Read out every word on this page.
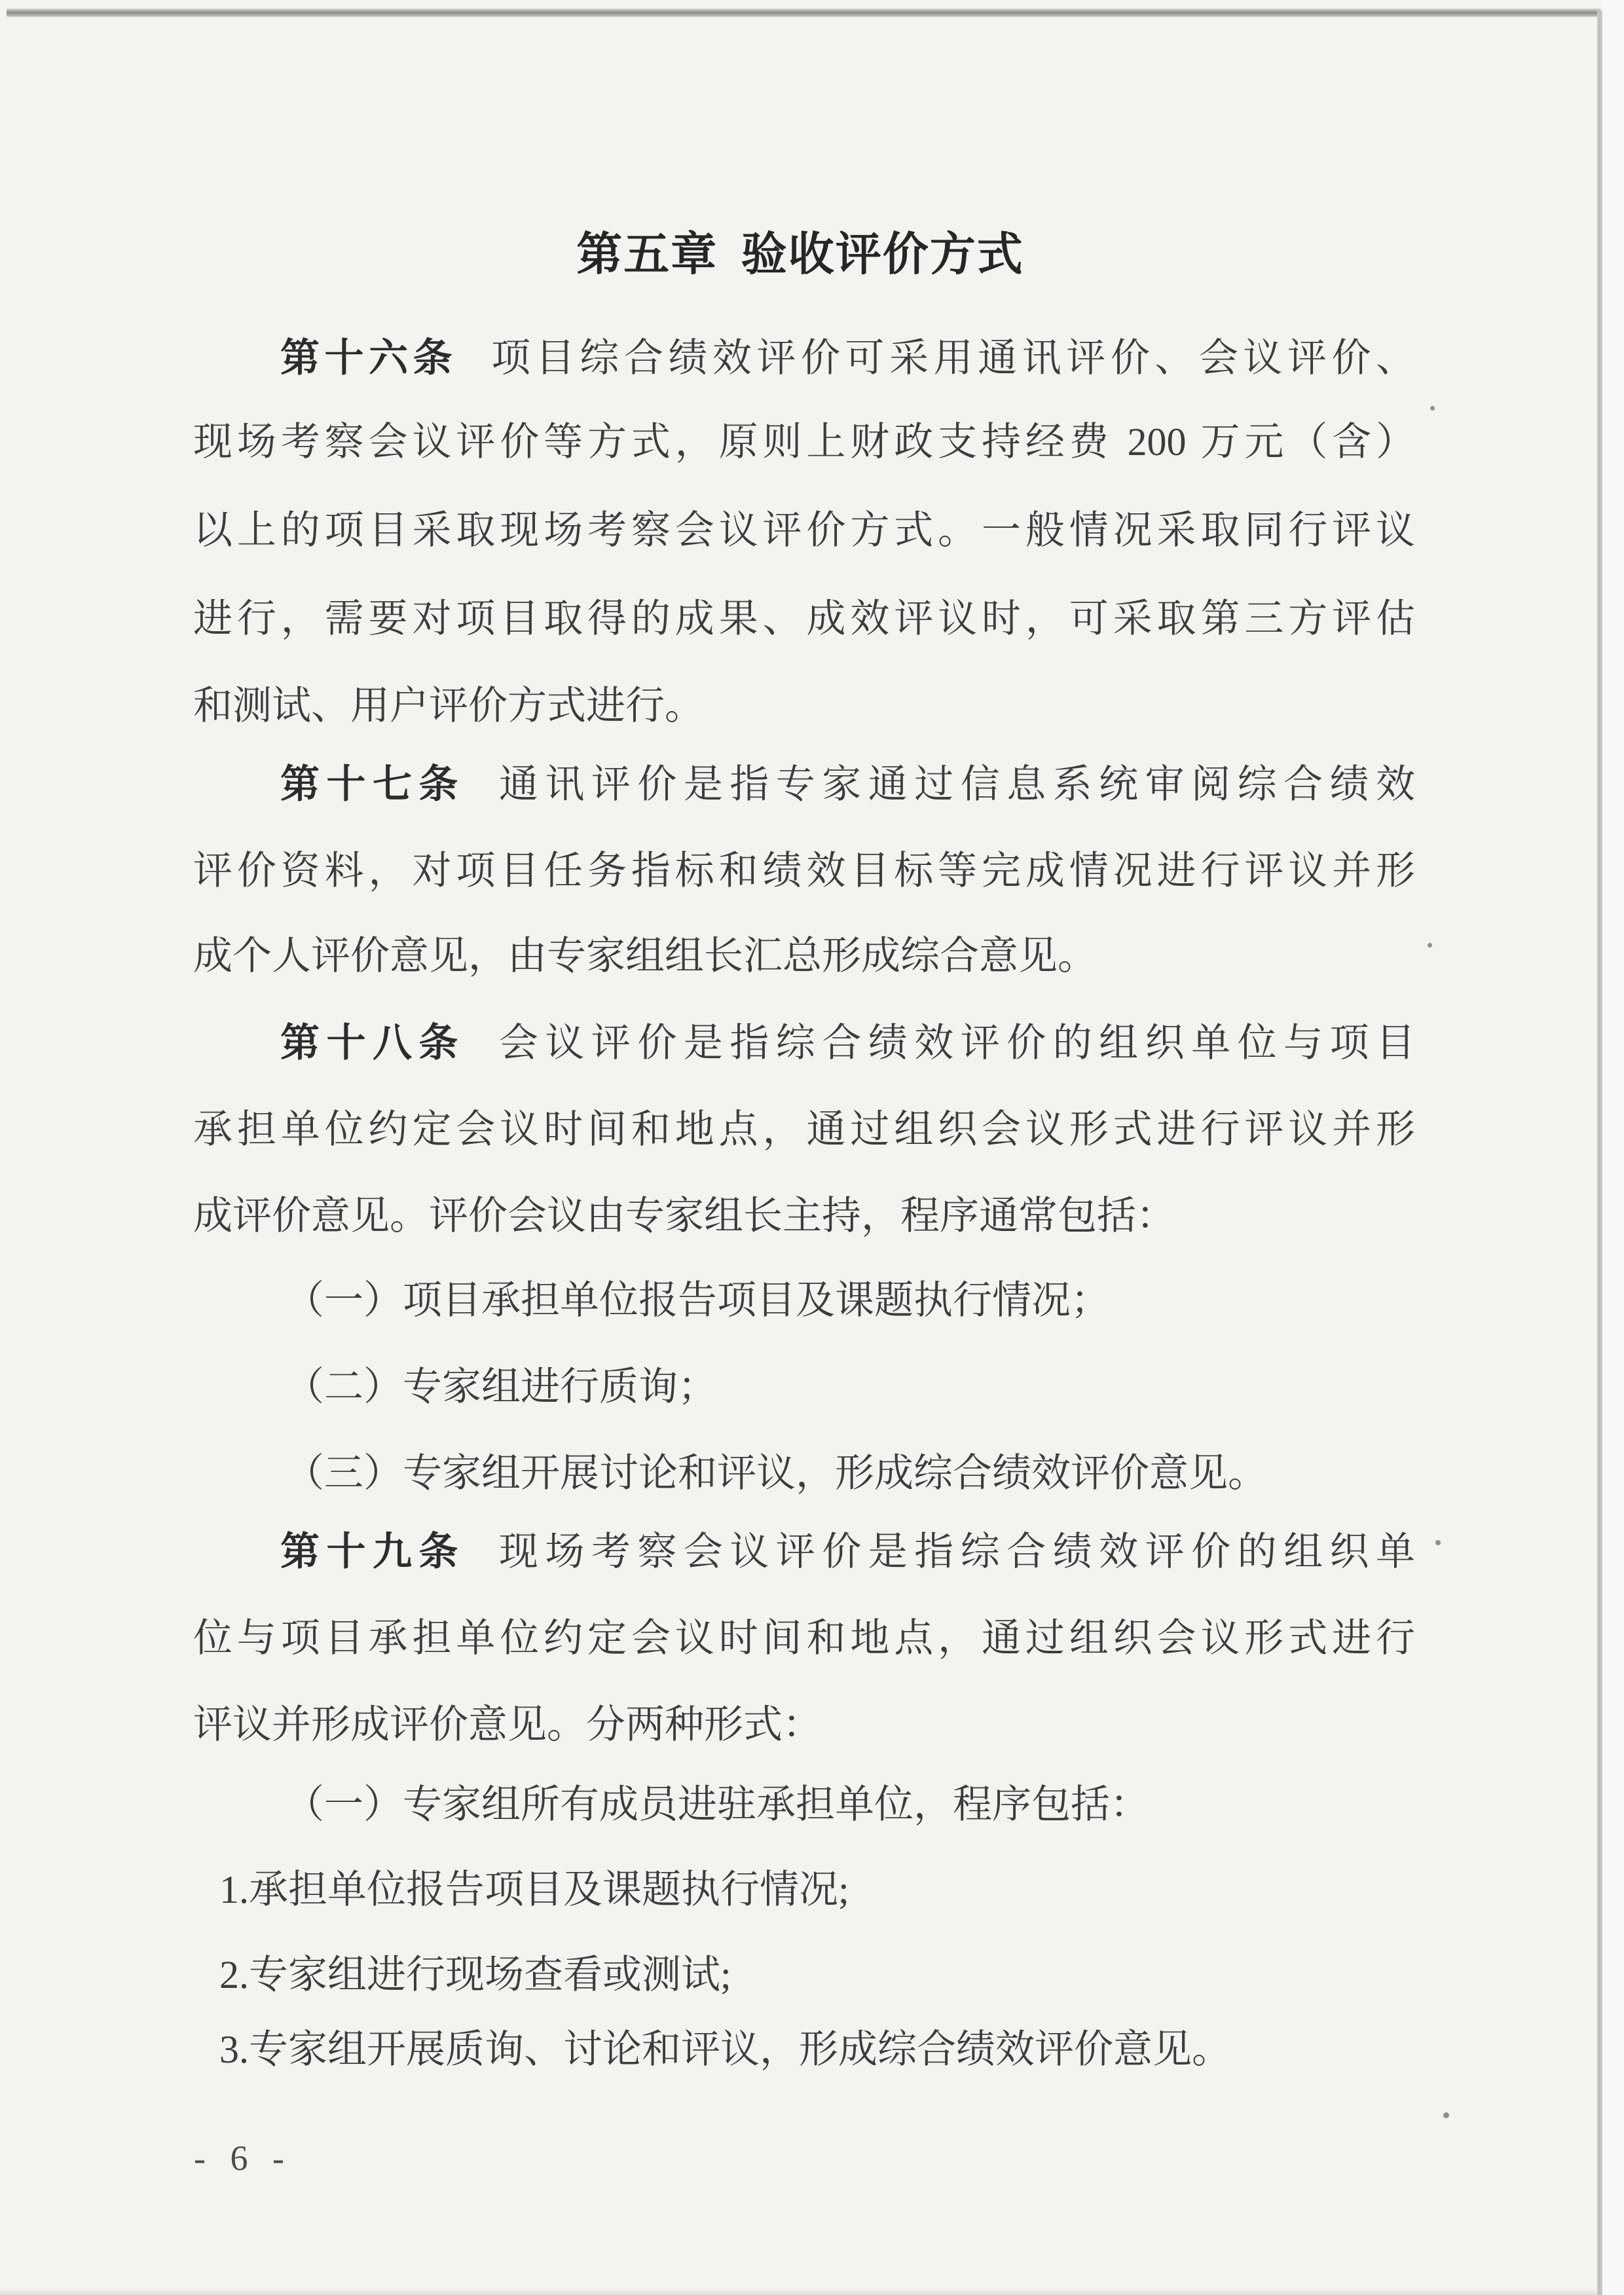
第五章 验收评价方式
第十六条 项目综合绩效评价可采用通讯评价、会议评价、
现场考察会议评价等方式，原则上财政支持经费 200 万元（含）
以上的项目采取现场考察会议评价方式。一般情况采取同行评议
进行，需要对项目取得的成果、成效评议时，可采取第三方评估
和测试、用户评价方式进行。
第十七条 通讯评价是指专家通过信息系统审阅综合绩效
评价资料，对项目任务指标和绩效目标等完成情况进行评议并形
成个人评价意见，由专家组组长汇总形成综合意见。
第十八条 会议评价是指综合绩效评价的组织单位与项目
承担单位约定会议时间和地点，通过组织会议形式进行评议并形
成评价意见。评价会议由专家组长主持，程序通常包括：
（一）项目承担单位报告项目及课题执行情况；
（二）专家组进行质询；
（三）专家组开展讨论和评议，形成综合绩效评价意见。
第十九条 现场考察会议评价是指综合绩效评价的组织单
位与项目承担单位约定会议时间和地点，通过组织会议形式进行
评议并形成评价意见。分两种形式：
（一）专家组所有成员进驻承担单位，程序包括：
1.承担单位报告项目及课题执行情况;
2.专家组进行现场查看或测试;
3.专家组开展质询、讨论和评议，形成综合绩效评价意见。
- 6 -
